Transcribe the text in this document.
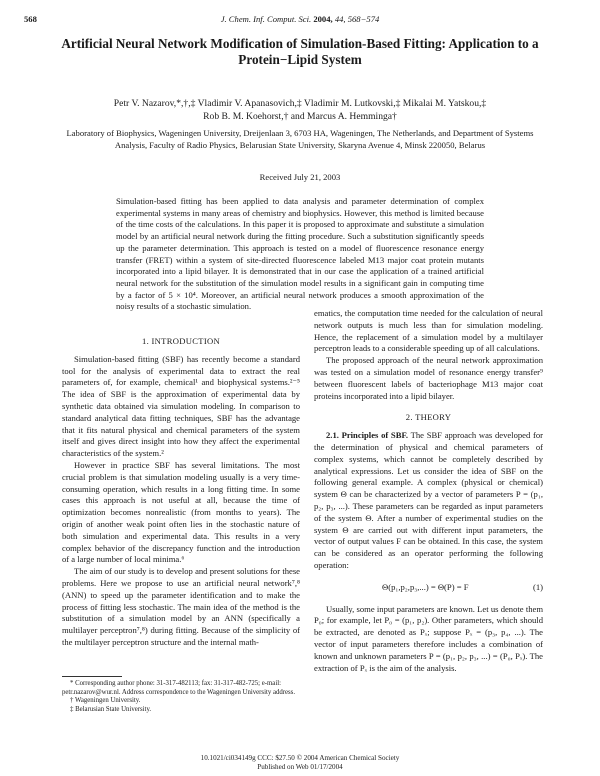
568	J. Chem. Inf. Comput. Sci. 2004, 44, 568−574
Artificial Neural Network Modification of Simulation-Based Fitting: Application to a Protein−Lipid System
Petr V. Nazarov,*,†,‡ Vladimir V. Apanasovich,‡ Vladimir M. Lutkovski,‡ Mikalai M. Yatskou,‡
Rob B. M. Koehorst,† and Marcus A. Hemminga†
Laboratory of Biophysics, Wageningen University, Dreijenlaan 3, 6703 HA, Wageningen, The Netherlands, and Department of Systems Analysis, Faculty of Radio Physics, Belarusian State University, Skaryna Avenue 4, Minsk 220050, Belarus
Received July 21, 2003
Simulation-based fitting has been applied to data analysis and parameter determination of complex experimental systems in many areas of chemistry and biophysics. However, this method is limited because of the time costs of the calculations. In this paper it is proposed to approximate and substitute a simulation model by an artificial neural network during the fitting procedure. Such a substitution significantly speeds up the parameter determination. This approach is tested on a model of fluorescence resonance energy transfer (FRET) within a system of site-directed fluorescence labeled M13 major coat protein mutants incorporated into a lipid bilayer. It is demonstrated that in our case the application of a trained artificial neural network for the substitution of the simulation model results in a significant gain in computing time by a factor of 5 × 10⁴. Moreover, an artificial neural network produces a smooth approximation of the noisy results of a stochastic simulation.
1. INTRODUCTION

Simulation-based fitting (SBF) has recently become a standard tool for the analysis of experimental data to extract the real parameters of, for example, chemical¹ and biophysical systems.²⁻⁵ The idea of SBF is the approximation of experimental data by synthetic data obtained via simulation modeling. In comparison to standard analytical data fitting techniques, SBF has the advantage that it fits natural physical and chemical parameters of the system itself and gives direct insight into how they affect the experimental characteristics of the system.²

However in practice SBF has several limitations. The most crucial problem is that simulation modeling usually is a very time-consuming operation, which results in a long fitting time. In some cases this approach is not useful at all, because the time of optimization becomes nonrealistic (from months to years). The origin of another weak point often lies in the stochastic nature of both simulation and experimental data. This results in a very complex behavior of the discrepancy function and the introduction of a large number of local minima.⁶

The aim of our study is to develop and present solutions for these problems. Here we propose to use an artificial neural network⁷,⁸ (ANN) to speed up the parameter identification and to make the process of fitting less stochastic. The main idea of the method is the substitution of a simulation model by an ANN (specifically a multilayer perceptron⁷,⁸) during fitting. Because of the simplicity of the multilayer perceptron structure and the internal math-

ematics, the computation time needed for the calculation of neural network outputs is much less than for simulation modeling. Hence, the replacement of a simulation model by a multilayer perceptron leads to a considerable speeding up of all calculations.

The proposed approach of the neural network approximation was tested on a simulation model of resonance energy transfer⁹ between fluorescent labels of bacteriophage M13 major coat proteins incorporated into a lipid bilayer.

2. THEORY

2.1. Principles of SBF. The SBF approach was developed for the determination of physical and chemical parameters of complex systems, which cannot be completely described by analytical expressions. Let us consider the idea of SBF on the following general example. A complex (physical or chemical) system Θ can be characterized by a vector of parameters P = (p₁, p₂, p₃, ...). These parameters can be regarded as input parameters of the system Θ. After a number of experimental studies on the system Θ are carried out with different input parameters, the vector of output values F can be obtained. In this case, the system can be considered as an operator performing the following operation:

Θ(p₁,p₂,p₃,...) = Θ(P) = F	(1)

Usually, some input parameters are known. Let us denote them P₀; for example, let P₀ = (p₁, p₂). Other parameters, which should be extracted, are denoted as Pₓ; suppose Pₓ = (p₃, p₄, ...). The vector of input parameters therefore includes a combination of known and unknown parameters P = (p₁, p₂, p₃, ...) = (P₀, Pₓ). The extraction of Pₓ is the aim of the analysis.

* Corresponding author phone: 31-317-482113; fax: 31-317-482-725; e-mail: petr.nazarov@wur.nl. Address correspondence to the Wageningen University address.
† Wageningen University.
‡ Belarusian State University.
10.1021/ci034149g CCC: $27.50 © 2004 American Chemical Society
Published on Web 01/17/2004
